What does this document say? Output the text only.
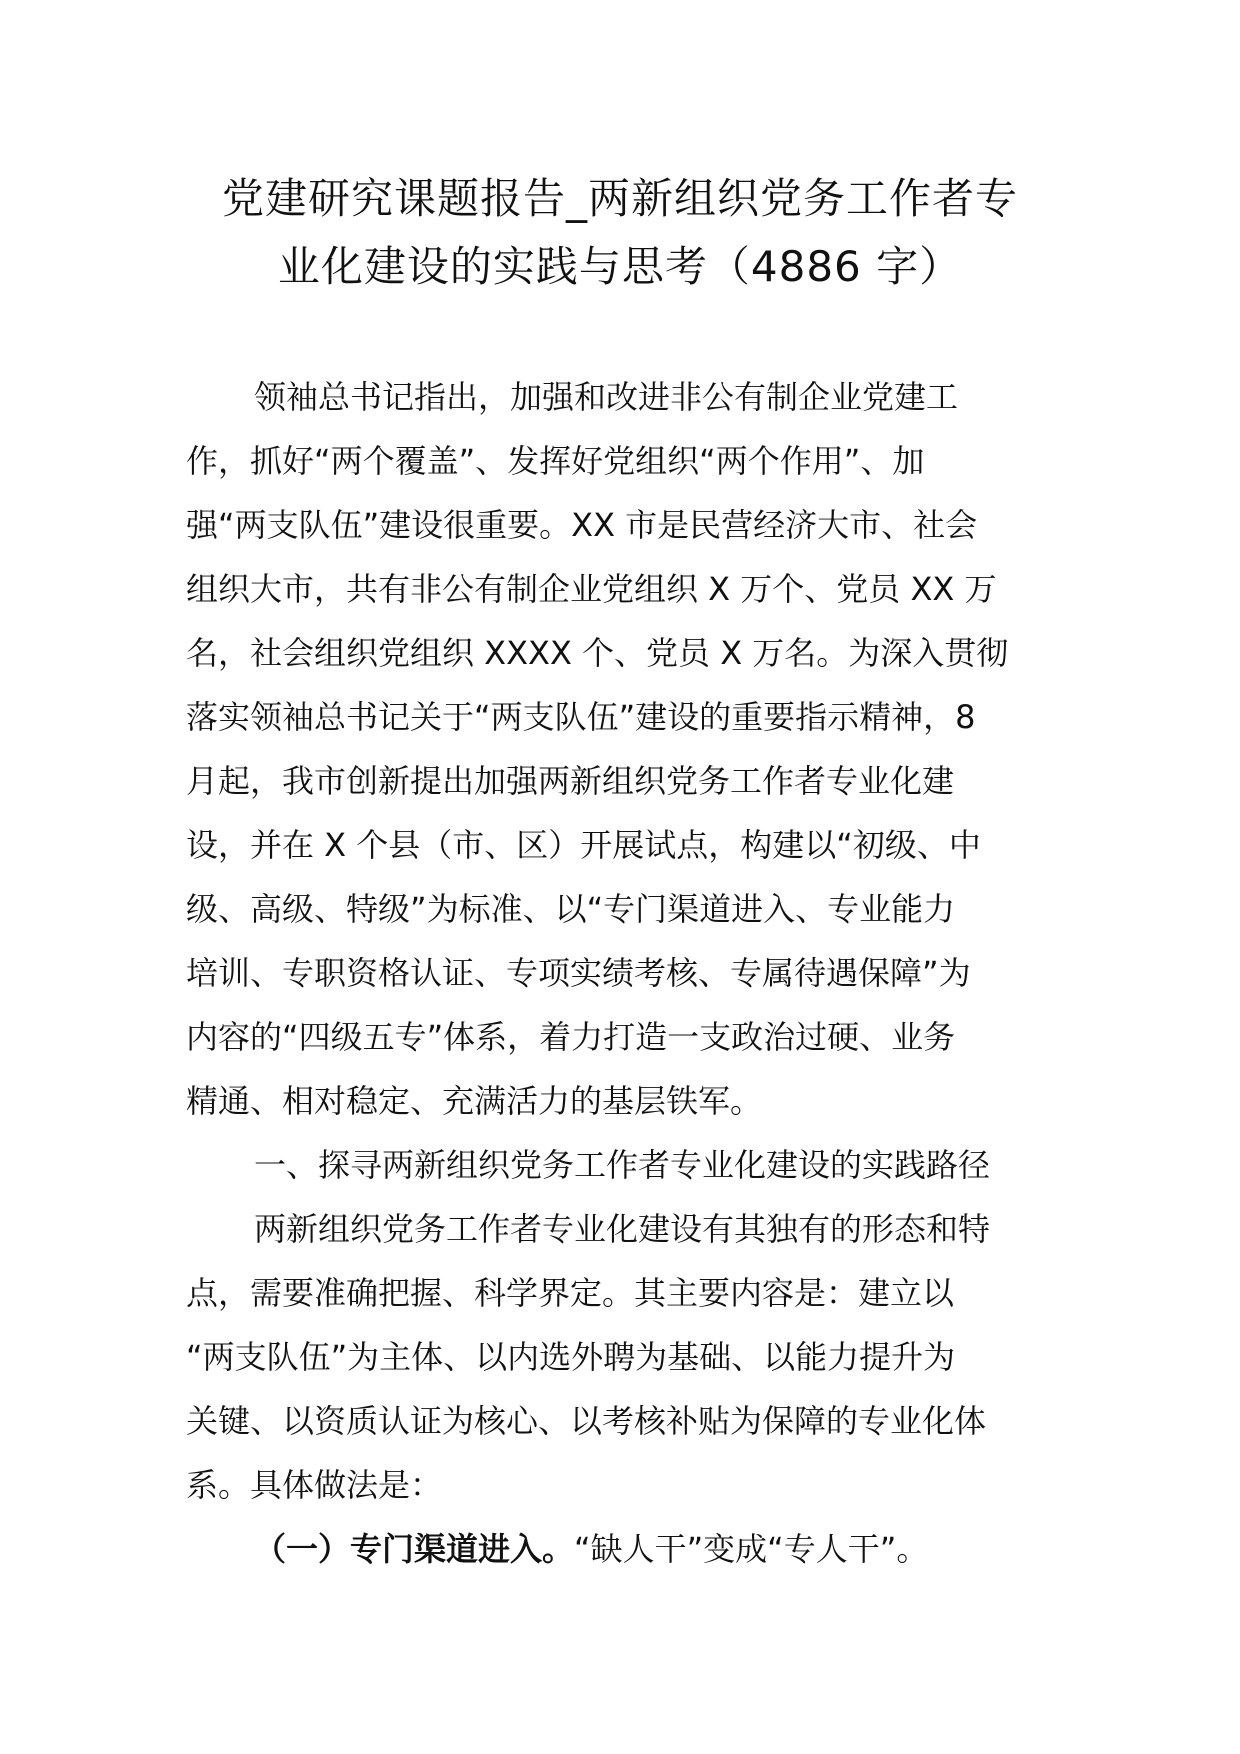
党建研究课题报告_两新组织党务工作者专
业化建设的实践与思考（4886 字）
领袖总书记指出，加强和改进非公有制企业党建工
作，抓好“两个覆盖”、发挥好党组织“两个作用”、加
强“两支队伍”建设很重要。XX 市是民营经济大市、社会
组织大市，共有非公有制企业党组织 X 万个、党员 XX 万
名，社会组织党组织 XXXX 个、党员 X 万名。为深入贯彻
落实领袖总书记关于“两支队伍”建设的重要指示精神，8
月起，我市创新提出加强两新组织党务工作者专业化建
设，并在 X 个县（市、区）开展试点，构建以“初级、中
级、高级、特级”为标准、以“专门渠道进入、专业能力
培训、专职资格认证、专项实绩考核、专属待遇保障”为
内容的“四级五专”体系，着力打造一支政治过硬、业务
精通、相对稳定、充满活力的基层铁军。
一、探寻两新组织党务工作者专业化建设的实践路径
两新组织党务工作者专业化建设有其独有的形态和特
点，需要准确把握、科学界定。其主要内容是：建立以
“两支队伍”为主体、以内选外聘为基础、以能力提升为
关键、以资质认证为核心、以考核补贴为保障的专业化体
系。具体做法是：
（一）专门渠道进入。“缺人干”变成“专人干”。
